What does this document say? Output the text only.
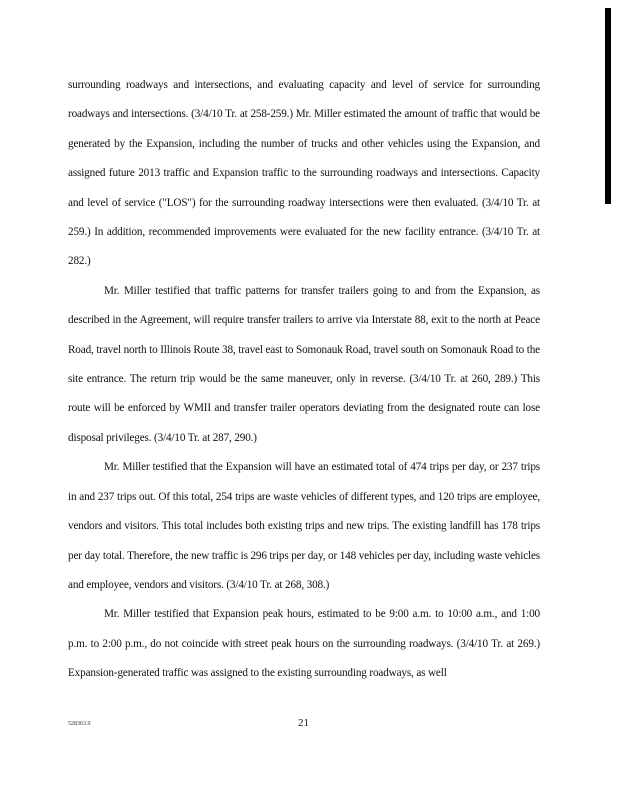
surrounding roadways and intersections, and evaluating capacity and level of service for surrounding roadways and intersections. (3/4/10 Tr. at 258-259.) Mr. Miller estimated the amount of traffic that would be generated by the Expansion, including the number of trucks and other vehicles using the Expansion, and assigned future 2013 traffic and Expansion traffic to the surrounding roadways and intersections. Capacity and level of service ("LOS") for the surrounding roadway intersections were then evaluated. (3/4/10 Tr. at 259.) In addition, recommended improvements were evaluated for the new facility entrance. (3/4/10 Tr. at 282.)

Mr. Miller testified that traffic patterns for transfer trailers going to and from the Expansion, as described in the Agreement, will require transfer trailers to arrive via Interstate 88, exit to the north at Peace Road, travel north to Illinois Route 38, travel east to Somonauk Road, travel south on Somonauk Road to the site entrance. The return trip would be the same maneuver, only in reverse. (3/4/10 Tr. at 260, 289.) This route will be enforced by WMII and transfer trailer operators deviating from the designated route can lose disposal privileges. (3/4/10 Tr. at 287, 290.)

Mr. Miller testified that the Expansion will have an estimated total of 474 trips per day, or 237 trips in and 237 trips out. Of this total, 254 trips are waste vehicles of different types, and 120 trips are employee, vendors and visitors. This total includes both existing trips and new trips. The existing landfill has 178 trips per day total. Therefore, the new traffic is 296 trips per day, or 148 vehicles per day, including waste vehicles and employee, vendors and visitors. (3/4/10 Tr. at 268, 308.)

Mr. Miller testified that Expansion peak hours, estimated to be 9:00 a.m. to 10:00 a.m., and 1:00 p.m. to 2:00 p.m., do not coincide with street peak hours on the surrounding roadways. (3/4/10 Tr. at 269.) Expansion-generated traffic was assigned to the existing surrounding roadways, as well

528363.9	21
